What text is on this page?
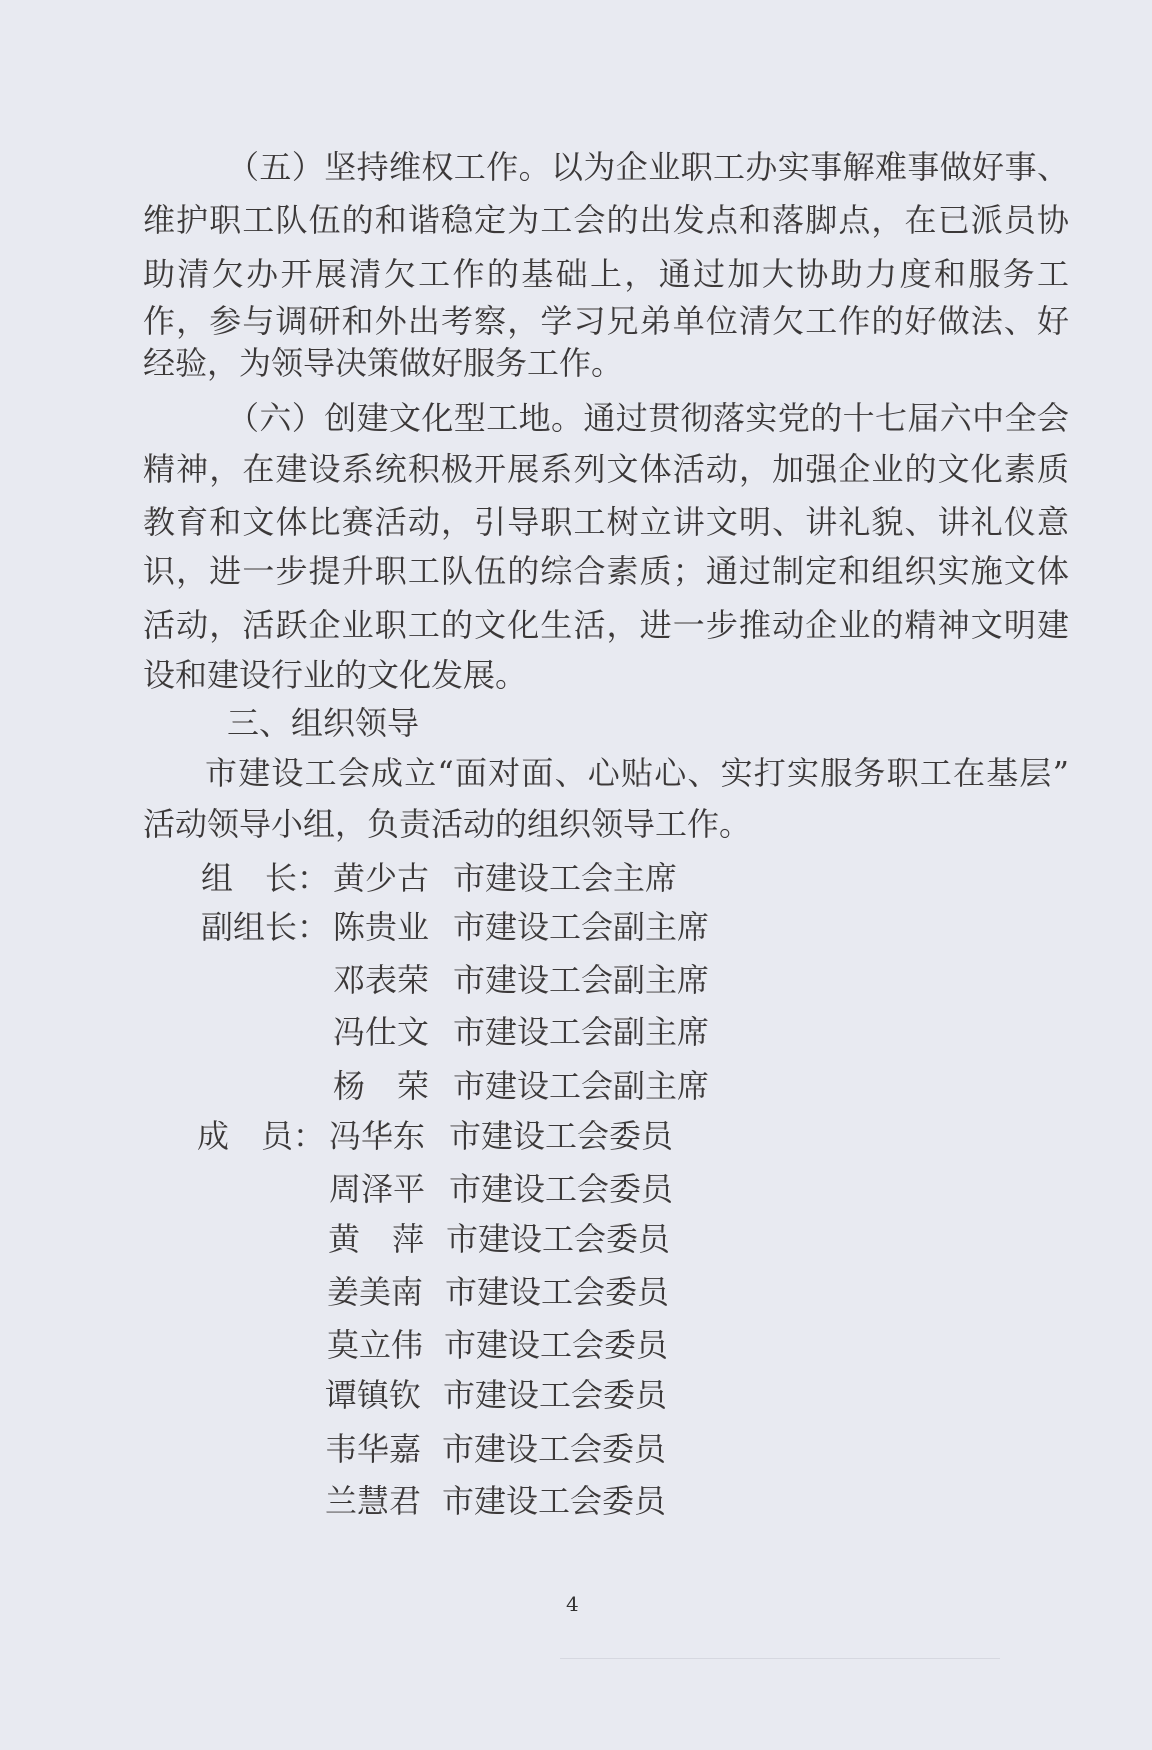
（五）坚持维权工作。以为企业职工办实事解难事做好事、
维护职工队伍的和谐稳定为工会的出发点和落脚点，在已派员协
助清欠办开展清欠工作的基础上，通过加大协助力度和服务工
作，参与调研和外出考察，学习兄弟单位清欠工作的好做法、好
经验，为领导决策做好服务工作。
（六）创建文化型工地。通过贯彻落实党的十七届六中全会
精神，在建设系统积极开展系列文体活动，加强企业的文化素质
教育和文体比赛活动，引导职工树立讲文明、讲礼貌、讲礼仪意
识，进一步提升职工队伍的综合素质；通过制定和组织实施文体
活动，活跃企业职工的文化生活，进一步推动企业的精神文明建
设和建设行业的文化发展。
三、组织领导
市建设工会成立“面对面、心贴心、实打实服务职工在基层”
活动领导小组，负责活动的组织领导工作。
组　长： 黄少古 市建设工会主席
副组长： 陈贵业 市建设工会副主席
邓表荣 市建设工会副主席
冯仕文 市建设工会副主席
杨　荣 市建设工会副主席
成　员： 冯华东 市建设工会委员
周泽平 市建设工会委员
黄　萍 市建设工会委员
姜美南 市建设工会委员
莫立伟 市建设工会委员
谭镇钦 市建设工会委员
韦华嘉 市建设工会委员
兰慧君 市建设工会委员
4
